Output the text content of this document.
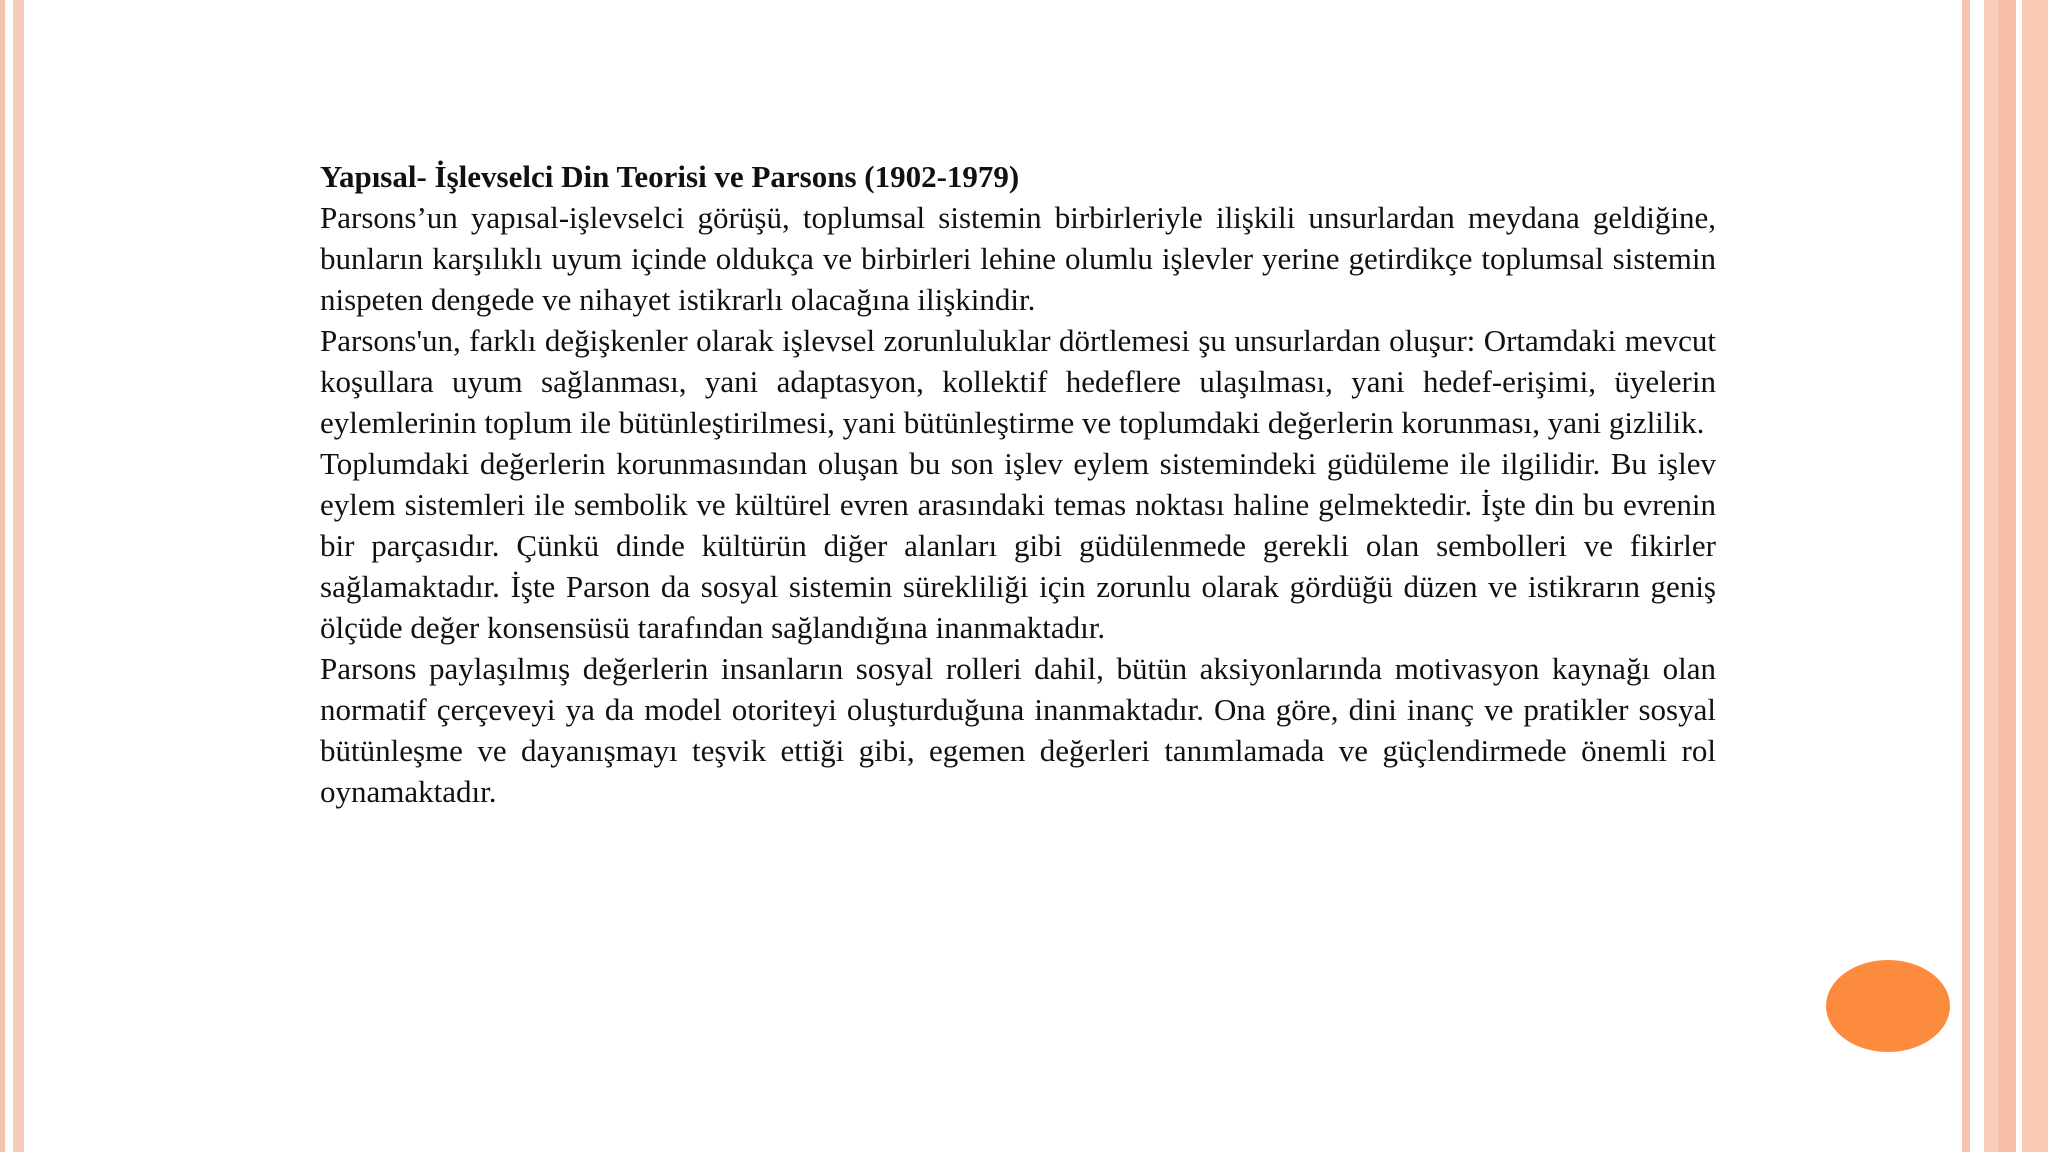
Yapısal- İşlevselci Din Teorisi ve Parsons (1902-1979)

Parsons’un yapısal-işlevselci görüşü, toplumsal sistemin birbirleriyle ilişkili unsurlardan meydana geldiğine, bunların karşılıklı uyum içinde oldukça ve birbirleri lehine olumlu işlevler yerine getirdikçe toplumsal sistemin nispeten dengede ve nihayet istikrarlı olacağına ilişkindir.

Parsons'un, farklı değişkenler olarak işlevsel zorunluluklar dörtlemesi şu unsurlardan oluşur: Ortamdaki mevcut koşullara uyum sağlanması, yani adaptasyon, kollektif hedeflere ulaşılması, yani hedef-erişimi, üyelerin eylemlerinin toplum ile bütünleştirilmesi, yani bütünleştirme ve toplumdaki değerlerin korunması, yani gizlilik.

Toplumdaki değerlerin korunmasından oluşan bu son işlev eylem sistemindeki güdüleme ile ilgilidir. Bu işlev eylem sistemleri ile sembolik ve kültürel evren arasındaki temas noktası haline gelmektedir. İşte din bu evrenin bir parçasıdır. Çünkü dinde kültürün diğer alanları gibi güdülenmede gerekli olan sembolleri ve fikirler sağlamaktadır. İşte Parson da sosyal sistemin sürekliliği için zorunlu olarak gördüğü düzen ve istikrarın geniş ölçüde değer konsensüsü tarafından sağlandığına inanmaktadır.

Parsons paylaşılmış değerlerin insanların sosyal rolleri dahil, bütün aksiyonlarında motivasyon kaynağı olan normatif çerçeveyi ya da model otoriteyi oluşturduğuna inanmaktadır. Ona göre, dini inanç ve pratikler sosyal bütünleşme ve dayanışmayı teşvik ettiği gibi, egemen değerleri tanımlamada ve güçlendirmede önemli rol oynamaktadır.
